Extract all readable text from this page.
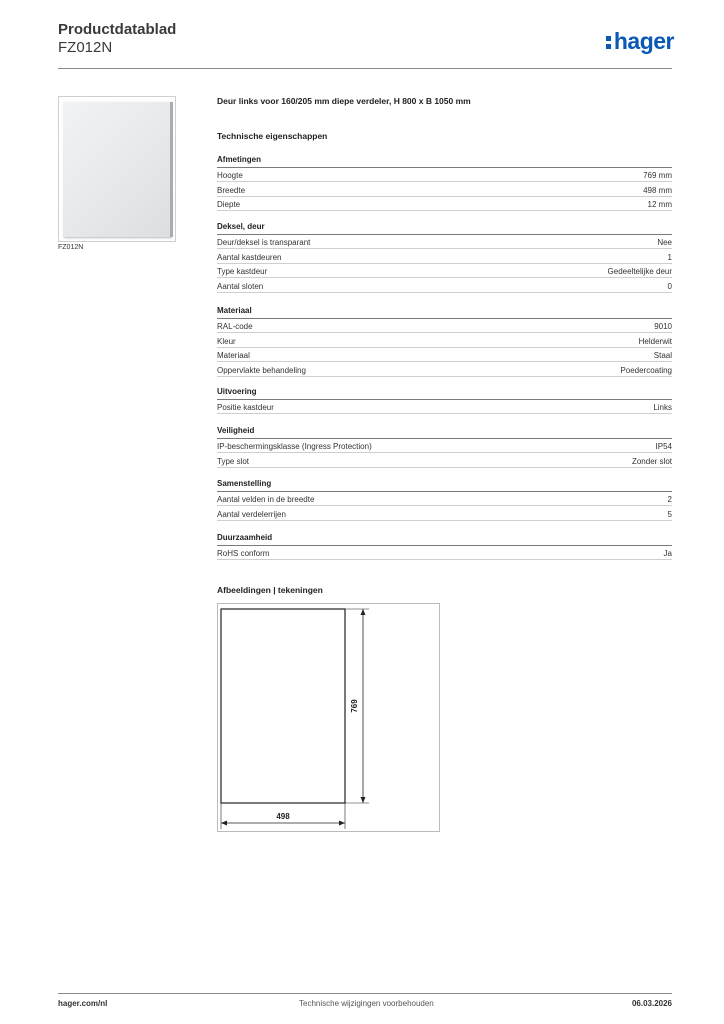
Productdatablad
FZ012N	hager
FZ012N
Deur links voor 160/205 mm diepe verdeler, H 800 x B 1050 mm
Technische eigenschappen
Afmetingen
Hoogte	769 mm
Breedte	498 mm
Diepte	12 mm
Deksel, deur
Deur/deksel is transparant	Nee
Aantal kastdeuren	1
Type kastdeur	Gedeeltelijke deur
Aantal sloten	0
Materiaal
RAL-code	9010
Kleur	Helderwit
Materiaal	Staal
Oppervlakte behandeling	Poedercoating
Uitvoering
Positie kastdeur	Links
Veiligheid
IP-beschermingsklasse (Ingress Protection)	IP54
Type slot	Zonder slot
Samenstelling
Aantal velden in de breedte	2
Aantal verdelerrijen	5
Duurzaamheid
RoHS conform	Ja
Afbeeldingen | tekeningen
769
498
hager.com/nl	Technische wijzigingen voorbehouden	06.03.2026
